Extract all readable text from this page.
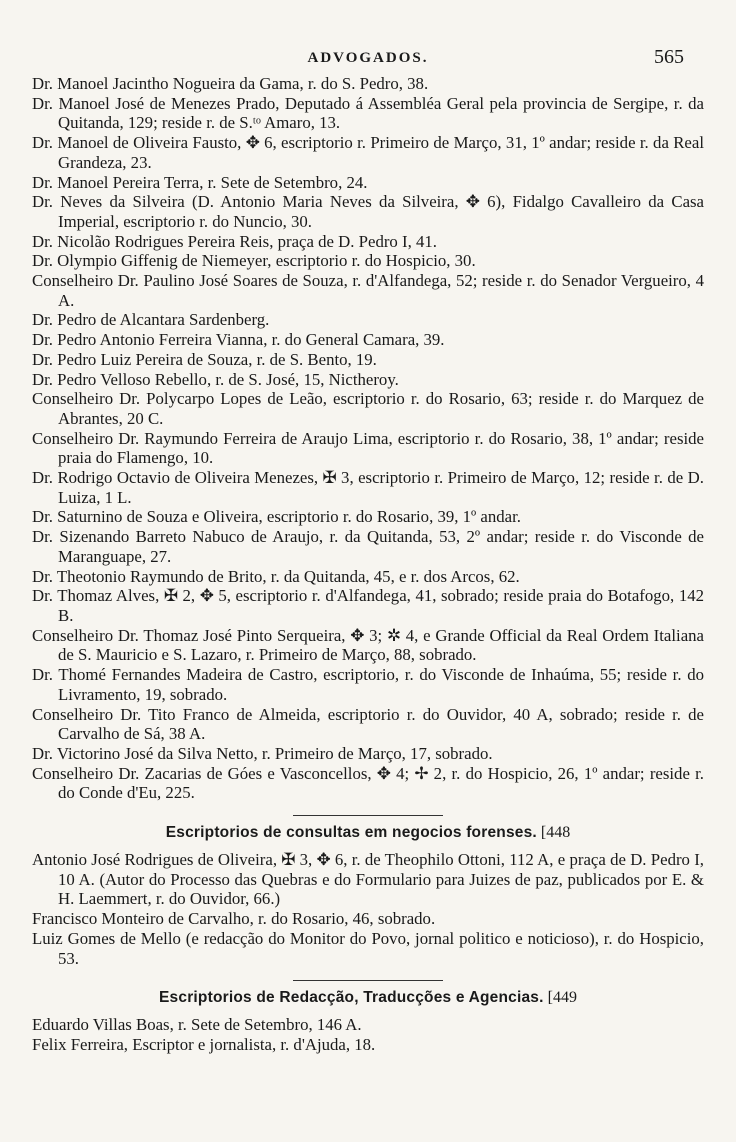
ADVOGADOS.	565

Dr. Manoel Jacintho Nogueira da Gama, r. do S. Pedro, 38.

Dr. Manoel José de Menezes Prado, Deputado á Assembléa Geral pela provincia de Sergipe, r. da Quitanda, 129; reside r. de S.ᵗᵒ Amaro, 13.

Dr. Manoel de Oliveira Fausto, ✥ 6, escriptorio r. Primeiro de Março, 31, 1º andar; reside r. da Real Grandeza, 23.

Dr. Manoel Pereira Terra, r. Sete de Setembro, 24.

Dr. Neves da Silveira (D. Antonio Maria Neves da Silveira, ✥ 6), Fidalgo Cavalleiro da Casa Imperial, escriptorio r. do Nuncio, 30.

Dr. Nicolão Rodrigues Pereira Reis, praça de D. Pedro I, 41.

Dr. Olympio Giffenig de Niemeyer, escriptorio r. do Hospicio, 30.

Conselheiro Dr. Paulino José Soares de Souza, r. d'Alfandega, 52; reside r. do Senador Vergueiro, 4 A.

Dr. Pedro de Alcantara Sardenberg.

Dr. Pedro Antonio Ferreira Vianna, r. do General Camara, 39.

Dr. Pedro Luiz Pereira de Souza, r. de S. Bento, 19.

Dr. Pedro Velloso Rebello, r. de S. José, 15, Nictheroy.

Conselheiro Dr. Polycarpo Lopes de Leão, escriptorio r. do Rosario, 63; reside r. do Marquez de Abrantes, 20 C.

Conselheiro Dr. Raymundo Ferreira de Araujo Lima, escriptorio r. do Rosario, 38, 1º andar; reside praia do Flamengo, 10.

Dr. Rodrigo Octavio de Oliveira Menezes, ✠ 3, escriptorio r. Primeiro de Março, 12; reside r. de D. Luiza, 1 L.

Dr. Saturnino de Souza e Oliveira, escriptorio r. do Rosario, 39, 1º andar.

Dr. Sizenando Barreto Nabuco de Araujo, r. da Quitanda, 53, 2º andar; reside r. do Visconde de Maranguape, 27.

Dr. Theotonio Raymundo de Brito, r. da Quitanda, 45, e r. dos Arcos, 62.

Dr. Thomaz Alves, ✠ 2, ✥ 5, escriptorio r. d'Alfandega, 41, sobrado; reside praia do Botafogo, 142 B.

Conselheiro Dr. Thomaz José Pinto Serqueira, ✥ 3; ✲ 4, e Grande Official da Real Ordem Italiana de S. Mauricio e S. Lazaro, r. Primeiro de Março, 88, sobrado.

Dr. Thomé Fernandes Madeira de Castro, escriptorio, r. do Visconde de Inhaúma, 55; reside r. do Livramento, 19, sobrado.

Conselheiro Dr. Tito Franco de Almeida, escriptorio r. do Ouvidor, 40 A, sobrado; reside r. de Carvalho de Sá, 38 A.

Dr. Victorino José da Silva Netto, r. Primeiro de Março, 17, sobrado.

Conselheiro Dr. Zacarias de Góes e Vasconcellos, ✥ 4; ✢ 2, r. do Hospicio, 26, 1º andar; reside r. do Conde d'Eu, 225.

Escriptorios de consultas em negocios forenses. [448

Antonio José Rodrigues de Oliveira, ✠ 3, ✥ 6, r. de Theophilo Ottoni, 112 A, e praça de D. Pedro I, 10 A. (Autor do Processo das Quebras e do Formulario para Juizes de paz, publicados por E. & H. Laemmert, r. do Ouvidor, 66.)

Francisco Monteiro de Carvalho, r. do Rosario, 46, sobrado.

Luiz Gomes de Mello (e redacção do Monitor do Povo, jornal politico e noticioso), r. do Hospicio, 53.

Escriptorios de Redacção, Traducções e Agencias. [449

Eduardo Villas Boas, r. Sete de Setembro, 146 A.

Felix Ferreira, Escriptor e jornalista, r. d'Ajuda, 18.
